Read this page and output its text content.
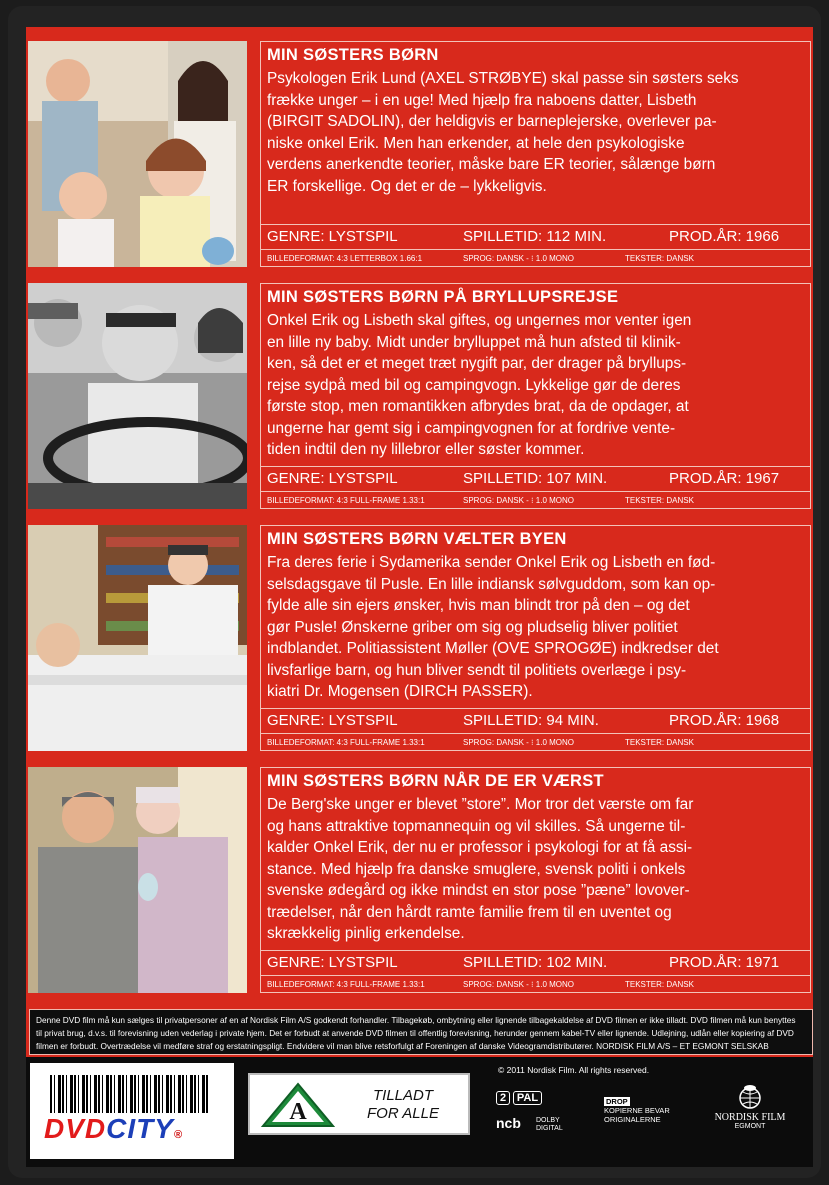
MIN SØSTERS BØRN
Psykologen Erik Lund (AXEL STRØBYE) skal passe sin søsters seks
frække unger – i en uge! Med hjælp fra naboens datter, Lisbeth
(BIRGIT SADOLIN), der heldigvis er barneplejerske, overlever pa-
niske onkel Erik. Men han erkender, at hele den psykologiske
verdens anerkendte teorier, måske bare ER teorier, sålænge børn
ER forskellige. Og det er de – lykkeligvis.
GENRE: LYSTSPIL	SPILLETID: 112 MIN.	PROD.ÅR: 1966
BILLEDEFORMAT: 4:3 LETTERBOX 1.66:1	SPROG: DANSK - ⁝ 1.0 MONO	TEKSTER: DANSK
MIN SØSTERS BØRN PÅ BRYLLUPSREJSE
Onkel Erik og Lisbeth skal giftes, og ungernes mor venter igen
en lille ny baby. Midt under brylluppet må hun afsted til klinik-
ken, så det er et meget træt nygift par, der drager på bryllups-
rejse sydpå med bil og campingvogn. Lykkelige gør de deres
første stop, men romantikken afbrydes brat, da de opdager, at
ungerne har gemt sig i campingvognen for at fordrive vente-
tiden indtil den ny lillebror eller søster kommer.
GENRE: LYSTSPIL	SPILLETID: 107 MIN.	PROD.ÅR: 1967
BILLEDEFORMAT: 4:3 FULL-FRAME 1.33:1	SPROG: DANSK - ⁝ 1.0 MONO	TEKSTER: DANSK
MIN SØSTERS BØRN VÆLTER BYEN
Fra deres ferie i Sydamerika sender Onkel Erik og Lisbeth en fød-
selsdagsgave til Pusle. En lille indiansk sølvguddom, som kan op-
fylde alle sin ejers ønsker, hvis man blindt tror på den – og det
gør Pusle! Ønskerne griber om sig og pludselig bliver politiet
indblandet. Politiassistent Møller (OVE SPROGØE) indkredser det
livsfarlige barn, og hun bliver sendt til politiets overlæge i psy-
kiatri Dr. Mogensen (DIRCH PASSER).
GENRE: LYSTSPIL	SPILLETID: 94 MIN.	PROD.ÅR: 1968
BILLEDEFORMAT: 4:3 FULL-FRAME 1.33:1	SPROG: DANSK - ⁝ 1.0 MONO	TEKSTER: DANSK
MIN SØSTERS BØRN NÅR DE ER VÆRST
De Berg'ske unger er blevet ”store”. Mor tror det værste om far
og hans attraktive topmannequin og vil skilles. Så ungerne til-
kalder Onkel Erik, der nu er professor i psykologi for at få assi-
stance. Med hjælp fra danske smuglere, svensk politi i onkels
svenske ødegård og ikke mindst en stor pose ”pæne” lovover-
trædelser, når den hårdt ramte familie frem til en uventet og
skrækkelig pinlig erkendelse.
GENRE: LYSTSPIL	SPILLETID: 102 MIN.	PROD.ÅR: 1971
BILLEDEFORMAT: 4:3 FULL-FRAME 1.33:1	SPROG: DANSK - ⁝ 1.0 MONO	TEKSTER: DANSK
Denne DVD film må kun sælges til privatpersoner af en af Nordisk Film A/S godkendt forhandler. Tilbagekøb, ombytning eller lignende tilbagekaldelse af DVD filmen er ikke tilladt. DVD filmen må kun benyttes
til privat brug, d.v.s. til forevisning uden vederlag i private hjem. Det er forbudt at anvende DVD filmen til offentlig forevisning, herunder gennem kabel-TV eller lignende. Udlejning, udlån eller kopiering af DVD
filmen er forbudt. Overtrædelse vil medføre straf og erstatningspligt. Endvidere vil man blive retsforfulgt af Foreningen af danske Videogramdistributører. NORDISK FILM A/S – ET EGMONT SELSKAB
DVDCITY®
A
TILLADT
FOR ALLE
© 2011 Nordisk Film. All rights reserved.
2 PAL
ncb DOLBY DIGITAL
DROP
KOPIERNE BEVAR
ORIGINALERNE	NORDISK FILM
EGMONT
